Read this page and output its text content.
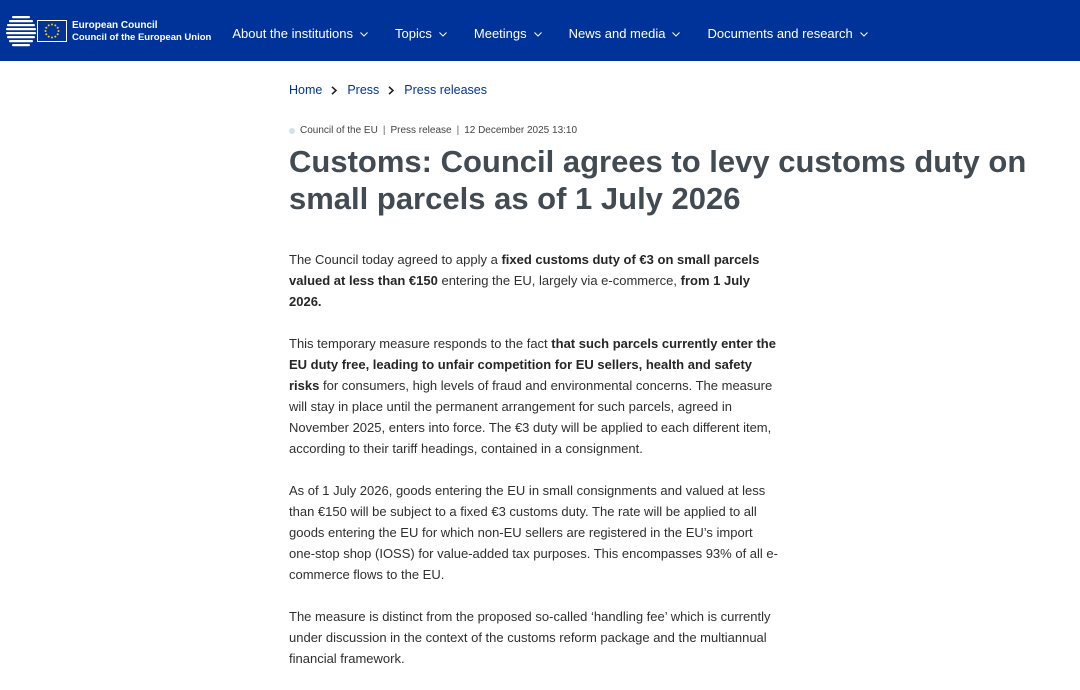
European Council
Council of the European Union About the institutions	Topics	Meetings	News and media	Documents and research
Home Press Press releases
Council of the EU | Press release | 12 December 2025 13:10
Customs: Council agrees to levy customs duty on small parcels as of 1 July 2026

The Council today agreed to apply a fixed customs duty of €3 on small parcels valued at less than €150 entering the EU, largely via e-commerce, from 1 July 2026.

This temporary measure responds to the fact that such parcels currently enter the EU duty free, leading to unfair competition for EU sellers, health and safety risks for consumers, high levels of fraud and environmental concerns. The measure will stay in place until the permanent arrangement for such parcels, agreed in November 2025, enters into force. The €3 duty will be applied to each different item, according to their tariff headings, contained in a consignment.

As of 1 July 2026, goods entering the EU in small consignments and valued at less than €150 will be subject to a fixed €3 customs duty. The rate will be applied to all goods entering the EU for which non-EU sellers are registered in the EU’s import one-stop shop (IOSS) for value-added tax purposes. This encompasses 93% of all e-commerce flows to the EU.

The measure is distinct from the proposed so-called ‘handling fee’ which is currently under discussion in the context of the customs reform package and the multiannual financial framework.
